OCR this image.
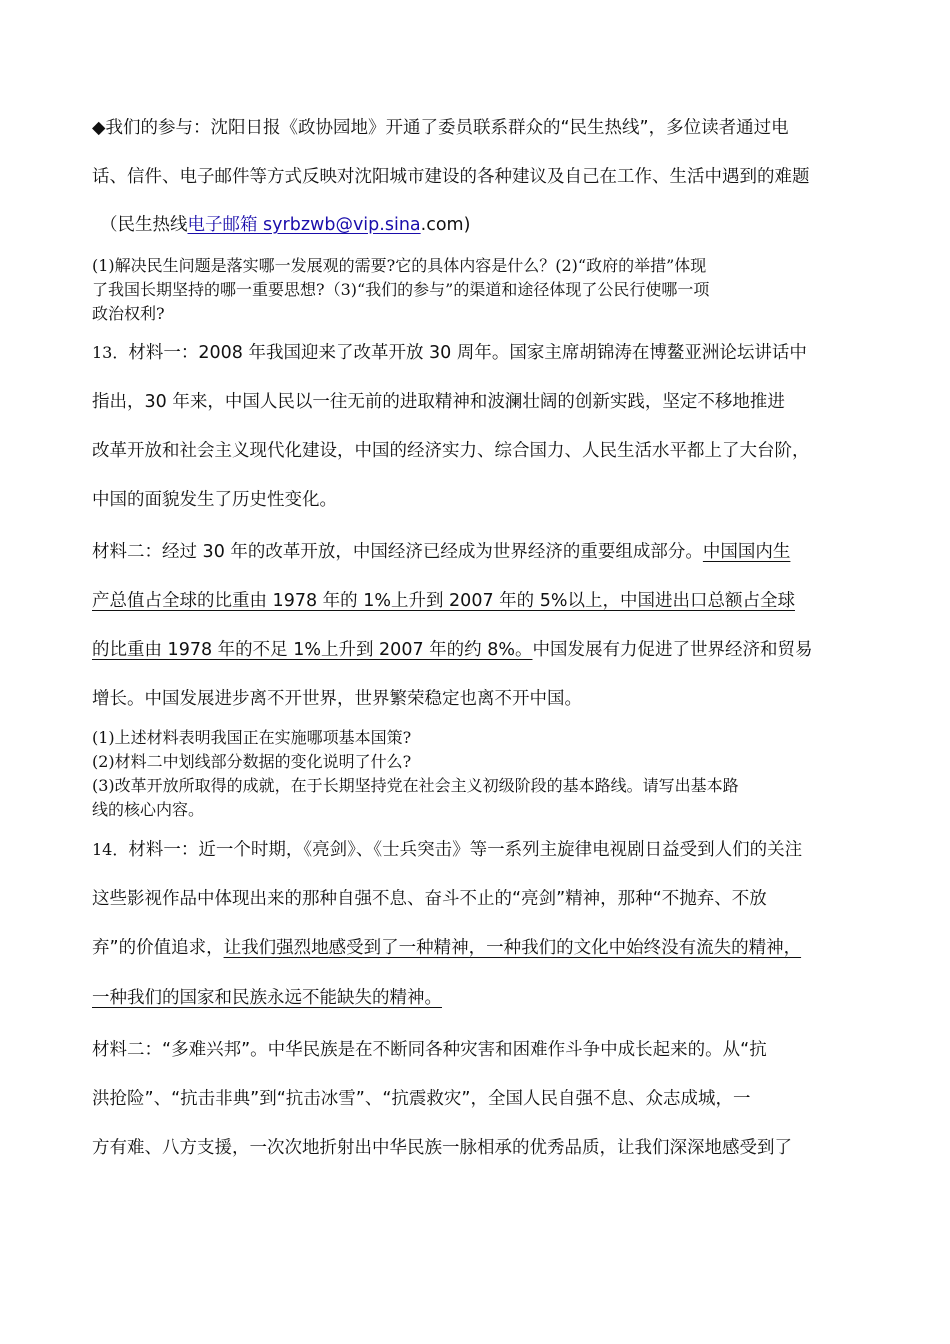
◆我们的参与：沈阳日报《政协园地》开通了委员联系群众的“民生热线”，多位读者通过电
话、信件、电子邮件等方式反映对沈阳城市建设的各种建议及自己在工作、生活中遇到的难题
（民生热线电子邮箱 syrbzwb@vip.sina.com)
(1)解决民生问题是落实哪一发展观的需要?它的具体内容是什么？(2)“政府的举措”体现
了我国长期坚持的哪一重要思想?（3)“我们的参与”的渠道和途径体现了公民行使哪一项
政治权利?
13．材料一：2008 年我国迎来了改革开放 30 周年。国家主席胡锦涛在博鳌亚洲论坛讲话中
指出，30 年来，中国人民以一往无前的进取精神和波澜壮阔的创新实践，坚定不移地推进
改革开放和社会主义现代化建设，中国的经济实力、综合国力、人民生活水平都上了大台阶，
中国的面貌发生了历史性变化。
材料二：经过 30 年的改革开放，中国经济已经成为世界经济的重要组成部分。中国国内生
产总值占全球的比重由 1978 年的 1%上升到 2007 年的 5%以上，中国进出口总额占全球
的比重由 1978 年的不足 1%上升到 2007 年的约 8%。中国发展有力促进了世界经济和贸易
增长。中国发展进步离不开世界，世界繁荣稳定也离不开中国。
(1)上述材料表明我国正在实施哪项基本国策?
(2)材料二中划线部分数据的变化说明了什么?
(3)改革开放所取得的成就，在于长期坚持党在社会主义初级阶段的基本路线。请写出基本路
线的核心内容。
14．材料一：近一个时期，《亮剑》、《士兵突击》等一系列主旋律电视剧日益受到人们的关注
这些影视作品中体现出来的那种自强不息、奋斗不止的“亮剑”精神，那种“不抛弃、不放
弃”的价值追求，让我们强烈地感受到了一种精神，一种我们的文化中始终没有流失的精神，
一种我们的国家和民族永远不能缺失的精神。
材料二：“多难兴邦”。中华民族是在不断同各种灾害和困难作斗争中成长起来的。从“抗
洪抢险”、“抗击非典”到“抗击冰雪”、“抗震救灾”，全国人民自强不息、众志成城，一
方有难、八方支援，一次次地折射出中华民族一脉相承的优秀品质，让我们深深地感受到了
